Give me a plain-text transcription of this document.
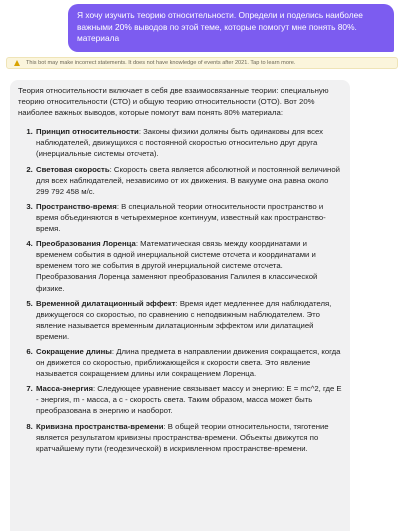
Я хочу изучить теорию относительности. Определи и поделись наиболее важными 20% выводов по этой теме, которые помогут мне понять 80%. материала
This bot may make incorrect statements. It does not have knowledge of events after 2021. Tap to learn more.

Теория относительности включает в себя две взаимосвязанные теории: специальную теорию относительности (СТО) и общую теорию относительности (ОТО). Вот 20% наиболее важных выводов, которые помогут вам понять 80% материала:

1. Принцип относительности: Законы физики должны быть одинаковы для всех наблюдателей, движущихся с постоянной скоростью относительно друг друга (инерциальные системы отсчета).
2. Световая скорость: Скорость света является абсолютной и постоянной величиной для всех наблюдателей, независимо от их движения. В вакууме она равна около 299 792 458 м/с.
3. Пространство-время: В специальной теории относительности пространство и время объединяются в четырехмерное континуум, известный как пространство-время.
4. Преобразования Лоренца: Математическая связь между координатами и временем события в одной инерциальной системе отсчета и координатами и временем того же события в другой инерциальной системе отсчета. Преобразования Лоренца заменяют преобразования Галилея в классической физике.
5. Временной дилатационный эффект: Время идет медленнее для наблюдателя, движущегося со скоростью, по сравнению с неподвижным наблюдателем. Это явление называется временным дилатационным эффектом или дилатацией времени.
6. Сокращение длины: Длина предмета в направлении движения сокращается, когда он движется со скоростью, приближающейся к скорости света. Это явление называется сокращением длины или сокращением Лоренца.
7. Масса-энергия: Следующее уравнение связывает массу и энергию: E = mc^2, где E - энергия, m - масса, а c - скорость света. Таким образом, масса может быть преобразована в энергию и наоборот.
8. Кривизна пространства-времени: В общей теории относительности, тяготение является результатом кривизны пространства-времени. Объекты движутся по кратчайшему пути (геодезической) в искривленном пространстве-времени.
